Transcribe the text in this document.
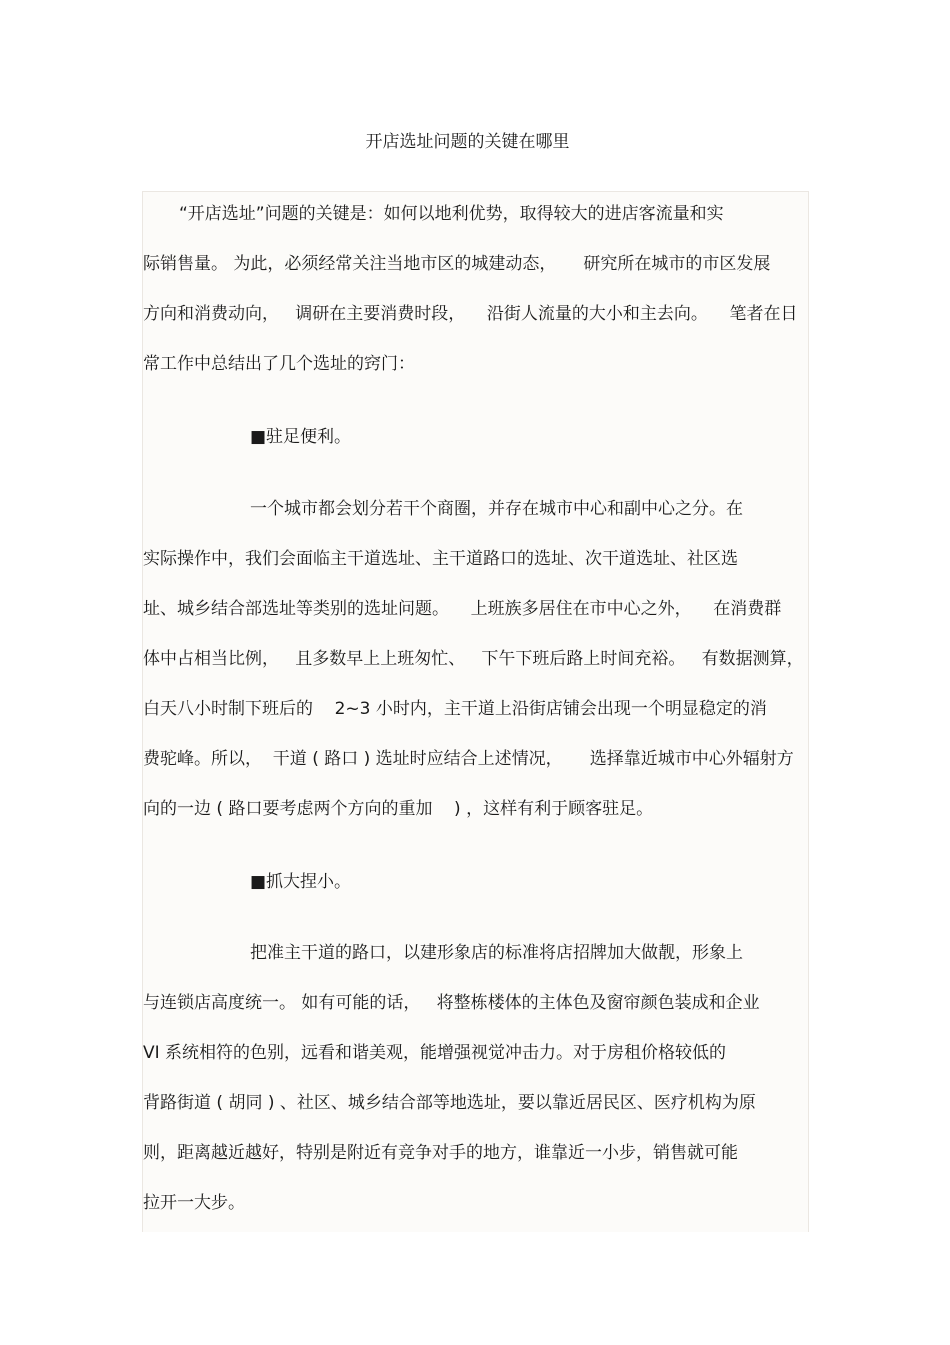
开店选址问题的关键在哪里
“开店选址”问题的关键是：如何以地利优势，取得较大的进店客流量和实
际销售量。 为此，必须经常关注当地市区的城建动态，     研究所在城市的市区发展
方向和消费动向，   调研在主要消费时段，    沿街人流量的大小和主去向。    笔者在日
常工作中总结出了几个选址的窍门：
■驻足便利。
一个城市都会划分若干个商圈，并存在城市中心和副中心之分。在
实际操作中，我们会面临主干道选址、主干道路口的选址、次干道选址、社区选
址、城乡结合部选址等类别的选址问题。    上班族多居住在市中心之外，    在消费群
体中占相当比例，   且多数早上上班匆忙、   下午下班后路上时间充裕。   有数据测算，
白天八小时制下班后的    2~3 小时内，主干道上沿街店铺会出现一个明显稳定的消
费驼峰。所以，  干道 ( 路口 ) 选址时应结合上述情况，     选择靠近城市中心外辐射方
向的一边 ( 路口要考虑两个方向的重加    ) ，这样有利于顾客驻足。
■抓大捏小。
把准主干道的路口，以建形象店的标准将店招牌加大做靓，形象上
与连锁店高度统一。 如有可能的话，   将整栋楼体的主体色及窗帘颜色装成和企业
VI 系统相符的色别，远看和谐美观，能增强视觉冲击力。对于房租价格较低的
背路街道 ( 胡同 ) 、社区、城乡结合部等地选址，要以靠近居民区、医疗机构为原
则，距离越近越好，特别是附近有竞争对手的地方，谁靠近一小步，销售就可能
拉开一大步。
